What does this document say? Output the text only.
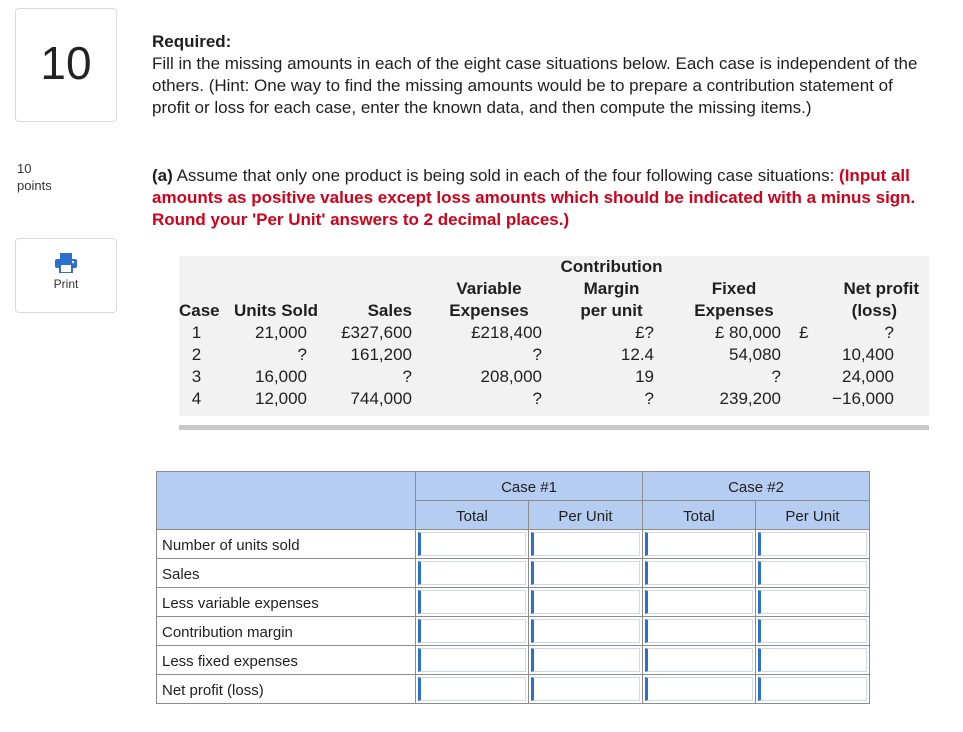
10
10
points
Print
Required:
Fill in the missing amounts in each of the eight case situations below. Each case is independent of the others. (Hint: One way to find the missing amounts would be to prepare a contribution statement of profit or loss for each case, enter the known data, and then compute the missing items.)
(a) Assume that only one product is being sold in each of the four following case situations: (Input all amounts as positive values except loss amounts which should be indicated with a minus sign. Round your 'Per Unit' answers to 2 decimal places.)
				Contribution			
			Variable	Margin	Fixed	Net profit	
Case	Units Sold	Sales	Expenses	per unit	Expenses	(loss)	
1	21,000	£327,600	£218,400	£?	£ 80,000	£	?
2	?	161,200	?	12.4	54,080		10,400
3	16,000	?	208,000	19	?		24,000
4	12,000	744,000	?	?	239,200		−16,000
	Case #1		Case #2	
	Total	Per Unit	Total	Per Unit
Number of units sold				
Sales				
Less variable expenses				
Contribution margin				
Less fixed expenses				
Net profit (loss)				
